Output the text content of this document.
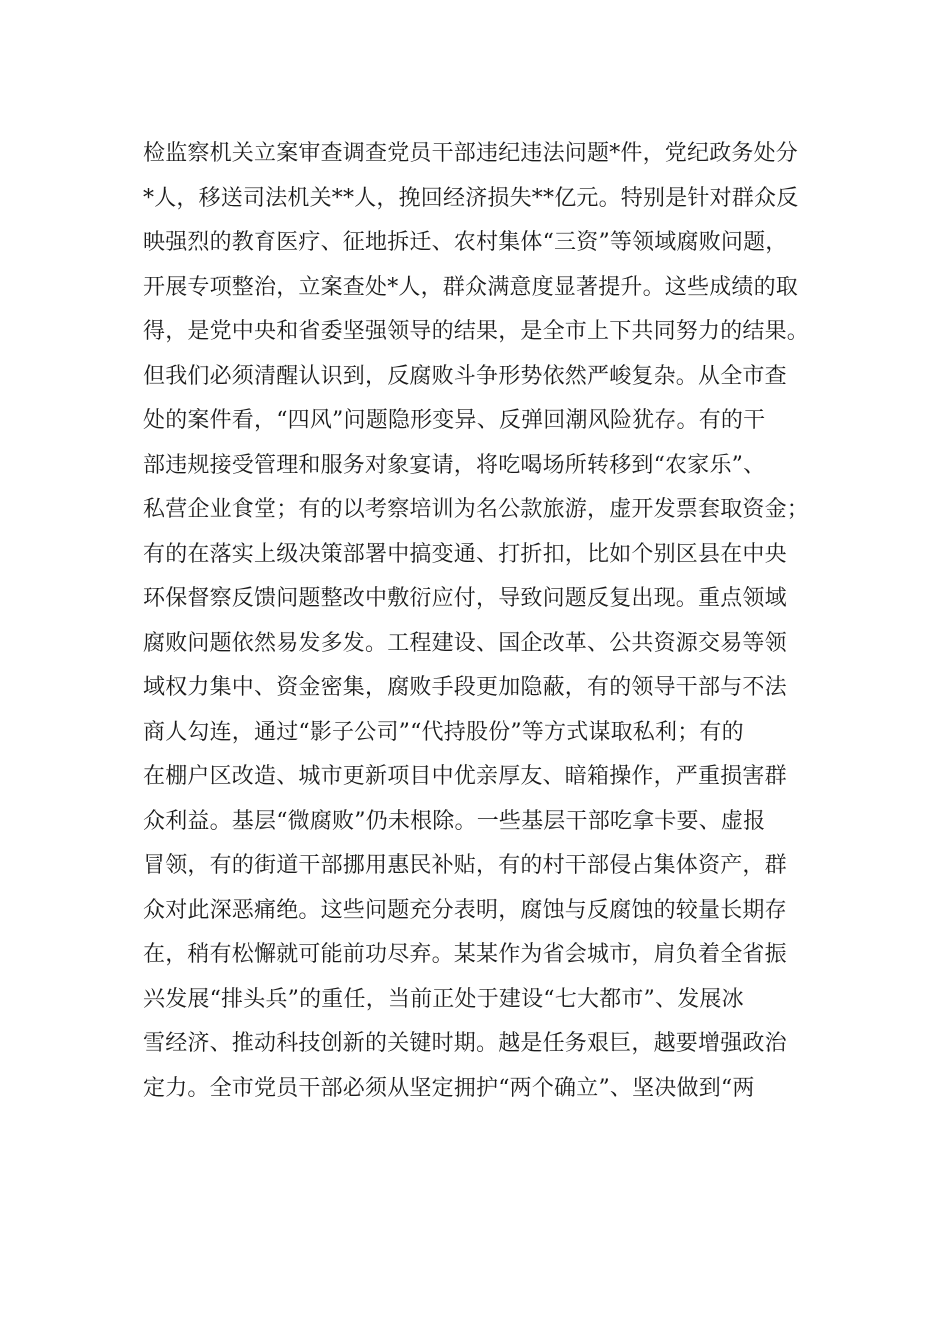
检监察机关立案审查调查党员干部违纪违法问题*件，党纪政务处分
*人，移送司法机关**人，挽回经济损失**亿元。特别是针对群众反
映强烈的教育医疗、征地拆迁、农村集体“三资”等领域腐败问题，
开展专项整治，立案查处*人，群众满意度显著提升。这些成绩的取
得，是党中央和省委坚强领导的结果，是全市上下共同努力的结果。
但我们必须清醒认识到，反腐败斗争形势依然严峻复杂。从全市查
处的案件看，“四风”问题隐形变异、反弹回潮风险犹存。有的干
部违规接受管理和服务对象宴请，将吃喝场所转移到“农家乐”、
私营企业食堂；有的以考察培训为名公款旅游，虚开发票套取资金；
有的在落实上级决策部署中搞变通、打折扣，比如个别区县在中央
环保督察反馈问题整改中敷衍应付，导致问题反复出现。重点领域
腐败问题依然易发多发。工程建设、国企改革、公共资源交易等领
域权力集中、资金密集，腐败手段更加隐蔽，有的领导干部与不法
商人勾连，通过“影子公司”“代持股份”等方式谋取私利；有的
在棚户区改造、城市更新项目中优亲厚友、暗箱操作，严重损害群
众利益。基层“微腐败”仍未根除。一些基层干部吃拿卡要、虚报
冒领，有的街道干部挪用惠民补贴，有的村干部侵占集体资产，群
众对此深恶痛绝。这些问题充分表明，腐蚀与反腐蚀的较量长期存
在，稍有松懈就可能前功尽弃。某某作为省会城市，肩负着全省振
兴发展“排头兵”的重任，当前正处于建设“七大都市”、发展冰
雪经济、推动科技创新的关键时期。越是任务艰巨，越要增强政治
定力。全市党员干部必须从坚定拥护“两个确立”、坚决做到“两
